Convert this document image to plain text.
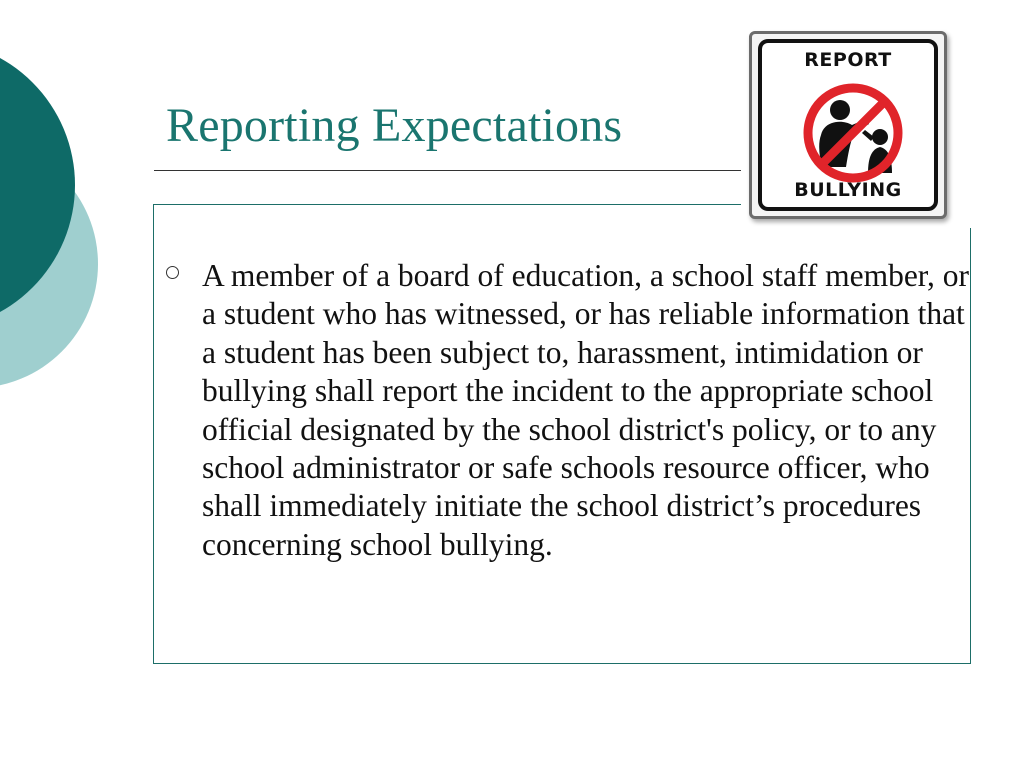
Reporting Expectations
A member of a board of education, a school staff member, or a student who has witnessed, or has reliable information that a student has been subject to, harassment, intimidation or bullying shall report the incident to the appropriate school official designated by the school district's policy, or to any school administrator or safe schools resource officer, who shall immediately initiate the school district’s procedures concerning school bullying.
REPORT
BULLYING
